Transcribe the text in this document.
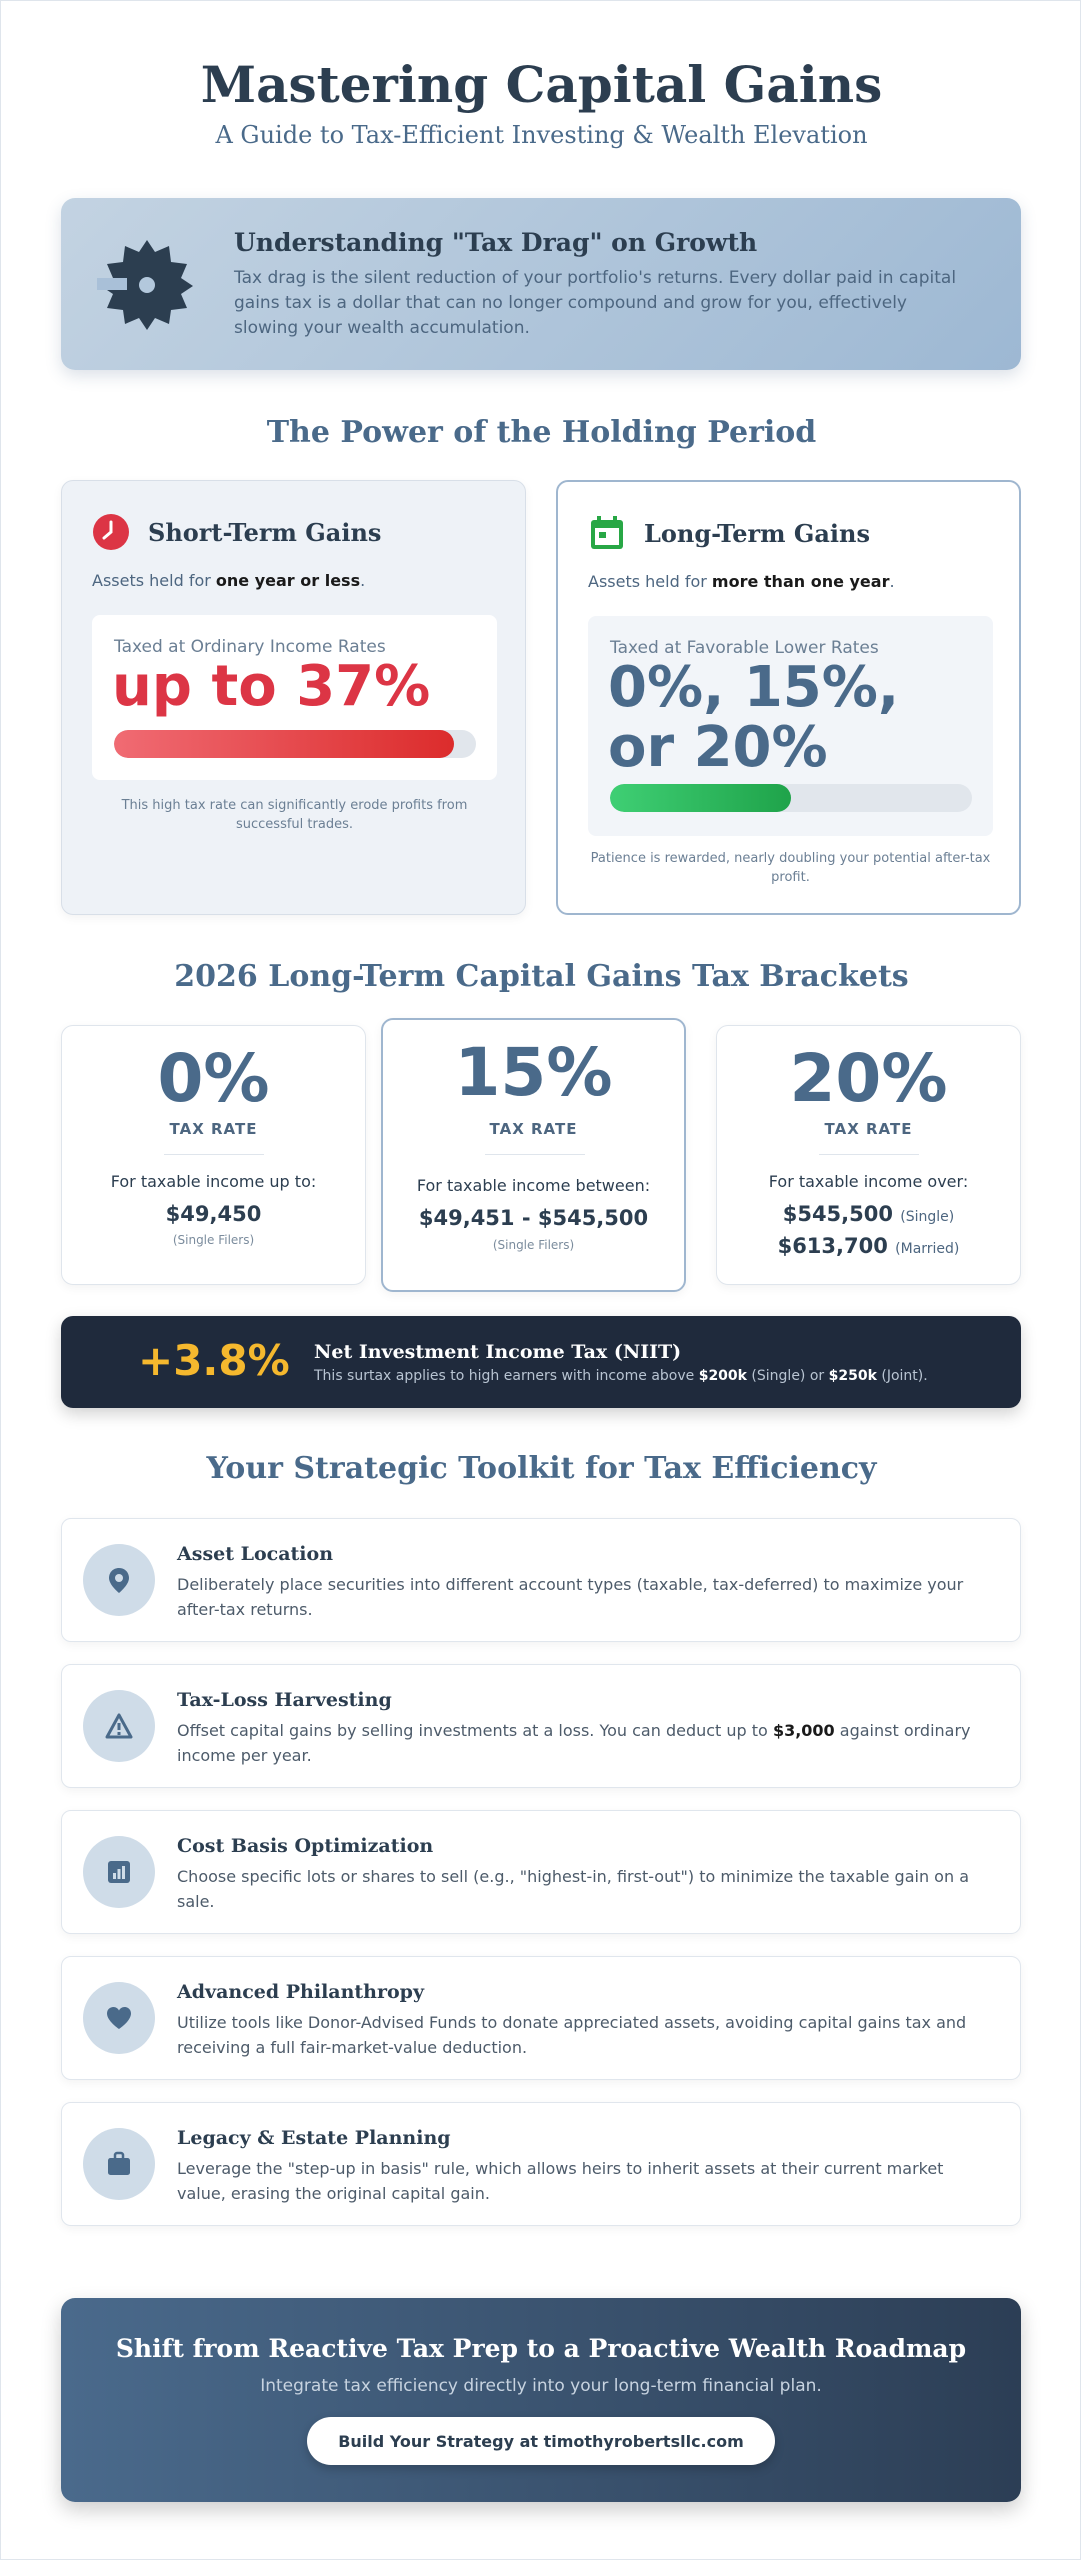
Mastering Capital Gains
A Guide to Tax-Efficient Investing & Wealth Elevation
Understanding "Tax Drag" on Growth
Tax drag is the silent reduction of your portfolio's returns. Every dollar paid in capital gains tax is a dollar that can no longer compound and grow for you, effectively slowing your wealth accumulation.
The Power of the Holding Period
Short-Term Gains
Assets held for one year or less.
Taxed at Ordinary Income Rates
up to 37%
This high tax rate can significantly erode profits from successful trades.
Long-Term Gains
Assets held for more than one year.
Taxed at Favorable Lower Rates
0%, 15%,
or 20%
Patience is rewarded, nearly doubling your potential after-tax profit.
2026 Long-Term Capital Gains Tax Brackets
0%
TAX RATE
For taxable income up to:
$49,450
(Single Filers)
15%
TAX RATE
For taxable income between:
$49,451 - $545,500
(Single Filers)
20%
TAX RATE
For taxable income over:
$545,500 (Single)
$613,700 (Married)
+3.8% Net Investment Income Tax (NIIT)
This surtax applies to high earners with income above $200k (Single) or $250k (Joint).
Your Strategic Toolkit for Tax Efficiency
Asset Location
Deliberately place securities into different account types (taxable, tax-deferred) to maximize your after-tax returns.
Tax-Loss Harvesting
Offset capital gains by selling investments at a loss. You can deduct up to $3,000 against ordinary income per year.
Cost Basis Optimization
Choose specific lots or shares to sell (e.g., "highest-in, first-out") to minimize the taxable gain on a sale.
Advanced Philanthropy
Utilize tools like Donor-Advised Funds to donate appreciated assets, avoiding capital gains tax and receiving a full fair-market-value deduction.
Legacy & Estate Planning
Leverage the "step-up in basis" rule, which allows heirs to inherit assets at their current market value, erasing the original capital gain.
Shift from Reactive Tax Prep to a Proactive Wealth Roadmap
Integrate tax efficiency directly into your long-term financial plan.
Build Your Strategy at timothyrobertsllc.com
